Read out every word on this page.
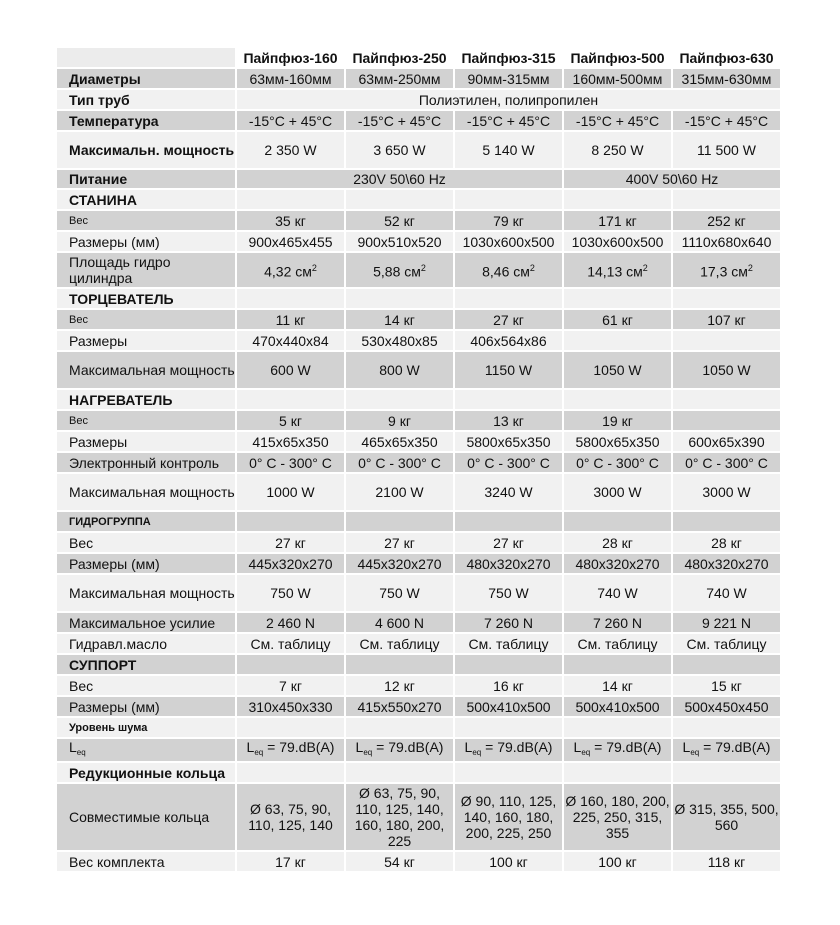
	Пайпфюз-160	Пайпфюз-250	Пайпфюз-315	Пайпфюз-500	Пайпфюз-630
Диаметры	63мм-160мм	63мм-250мм	90мм-315мм	160мм-500мм	315мм-630мм
Тип труб	Полиэтилен, полипропилен				
Температура	-15°C + 45°C	-15°C + 45°C	-15°C + 45°C	-15°C + 45°C	-15°C + 45°C
Максимальн. мощность	2 350 W	3 650 W	5 140 W	8 250 W	11 500 W
Питание	230V 50\60 Hz			400V 50\60 Hz	
СТАНИНА					
Вес	35 кг	52 кг	79 кг	171 кг	252 кг
Размеры (мм)	900x465x455	900x510x520	1030x600x500	1030x600x500	1110x680x640
Площадь гидро цилиндра	4,32 $см^2$	5,88 $см^2$	8,46 $см^2$	14,13 $см^2$	17,3 $см^2$
ТОРЦЕВАТЕЛЬ					
Вес	11 кг	14 кг	27 кг	61 кг	107 кг
Размеры	470x440x84	530x480x85	406x564x86		
Максимальная мощность	600 W	800 W	1150 W	1050 W	1050 W
НАГРЕВАТЕЛЬ					
Вес	5 кг	9 кг	13 кг	19 кг	
Размеры	415x65x350	465x65x350	5800x65x350	5800x65x350	600x65x390
Электронный контроль	0° C - 300° C	0° C - 300° C	0° C - 300° C	0° C - 300° C	0° C - 300° C
Максимальная мощность	1000 W	2100 W	3240 W	3000 W	3000 W
ГИДРОГРУППА					
Вес	27 кг	27 кг	27 кг	28 кг	28 кг
Размеры (мм)	445x320x270	445x320x270	480x320x270	480x320x270	480x320x270
Максимальная мощность	750 W	750 W	750 W	740 W	740 W
Максимальное усилие	2 460 N	4 600 N	7 260 N	7 260 N	9 221 N
Гидравл.масло	См. таблицу	См. таблицу	См. таблицу	См. таблицу	См. таблицу
СУППОРТ					
Вес	7 кг	12 кг	16 кг	14 кг	15 кг
Размеры (мм)	310x450x330	415x550x270	500x410x500	500x410x500	500x450x450
Уровень шума					
$L_{eq}$	$L_{eq} = 79.dB(A)$	$L_{eq} = 79.dB(A)$	$L_{eq} = 79.dB(A)$	$L_{eq} = 79.dB(A)$	$L_{eq} = 79.dB(A)$
Редукционные кольца					
Совместимые кольца	Ø 63, 75, 90, 110, 125, 140	Ø 63, 75, 90, 110, 125, 140, 160, 180, 200, 225	Ø 90, 110, 125, 140, 160, 180, 200, 225, 250	Ø 160, 180, 200, 225, 250, 315, 355	Ø 315, 355, 500, 560
Вес комплекта	17 кг	54 кг	100 кг	100 кг	118 кг
